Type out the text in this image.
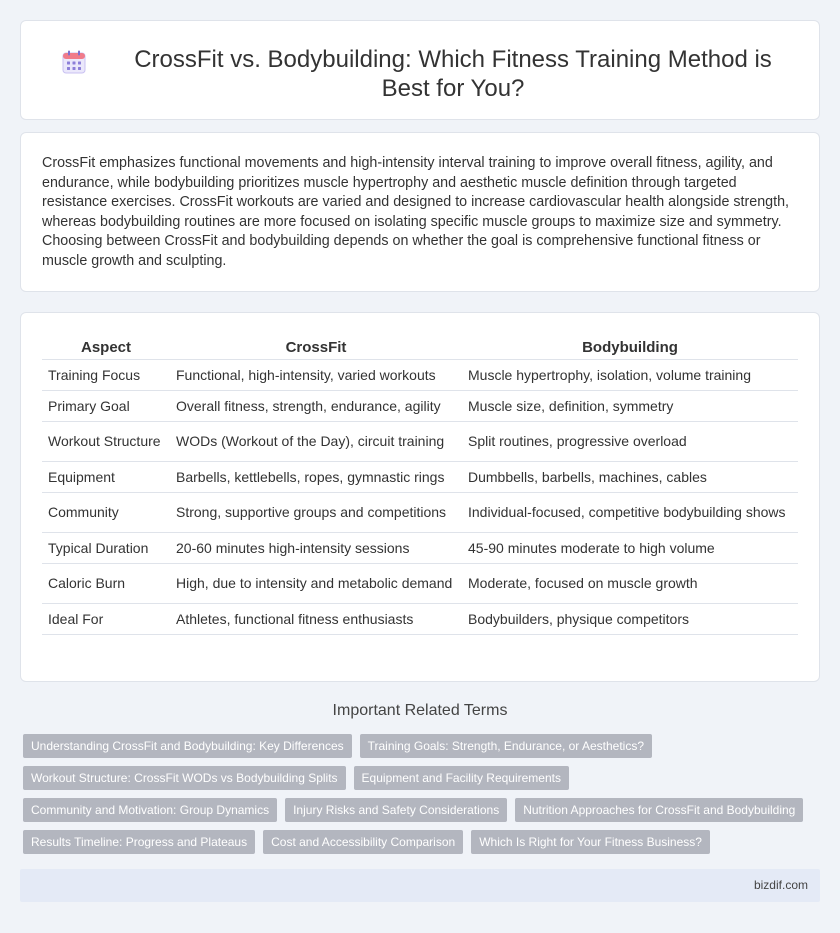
CrossFit vs. Bodybuilding: Which Fitness Training Method is Best for You?

CrossFit emphasizes functional movements and high-intensity interval training to improve overall fitness, agility, and endurance, while bodybuilding prioritizes muscle hypertrophy and aesthetic muscle definition through targeted resistance exercises. CrossFit workouts are varied and designed to increase cardiovascular health alongside strength, whereas bodybuilding routines are more focused on isolating specific muscle groups to maximize size and symmetry. Choosing between CrossFit and bodybuilding depends on whether the goal is comprehensive functional fitness or muscle growth and sculpting.

Aspect	CrossFit	Bodybuilding
Training Focus	Functional, high-intensity, varied workouts	Muscle hypertrophy, isolation, volume training
Primary Goal	Overall fitness, strength, endurance, agility	Muscle size, definition, symmetry
Workout Structure	WODs (Workout of the Day), circuit training	Split routines, progressive overload
Equipment	Barbells, kettlebells, ropes, gymnastic rings	Dumbbells, barbells, machines, cables
Community	Strong, supportive groups and competitions	Individual-focused, competitive bodybuilding shows
Typical Duration	20-60 minutes high-intensity sessions	45-90 minutes moderate to high volume
Caloric Burn	High, due to intensity and metabolic demand	Moderate, focused on muscle growth
Ideal For	Athletes, functional fitness enthusiasts	Bodybuilders, physique competitors
Important Related Terms
Understanding CrossFit and Bodybuilding: Key Differences	Training Goals: Strength, Endurance, or Aesthetics?
Workout Structure: CrossFit WODs vs Bodybuilding Splits	Equipment and Facility Requirements
Community and Motivation: Group Dynamics	Injury Risks and Safety Considerations	Nutrition Approaches for CrossFit and Bodybuilding
Results Timeline: Progress and Plateaus	Cost and Accessibility Comparison	Which Is Right for Your Fitness Business?
bizdif.com
